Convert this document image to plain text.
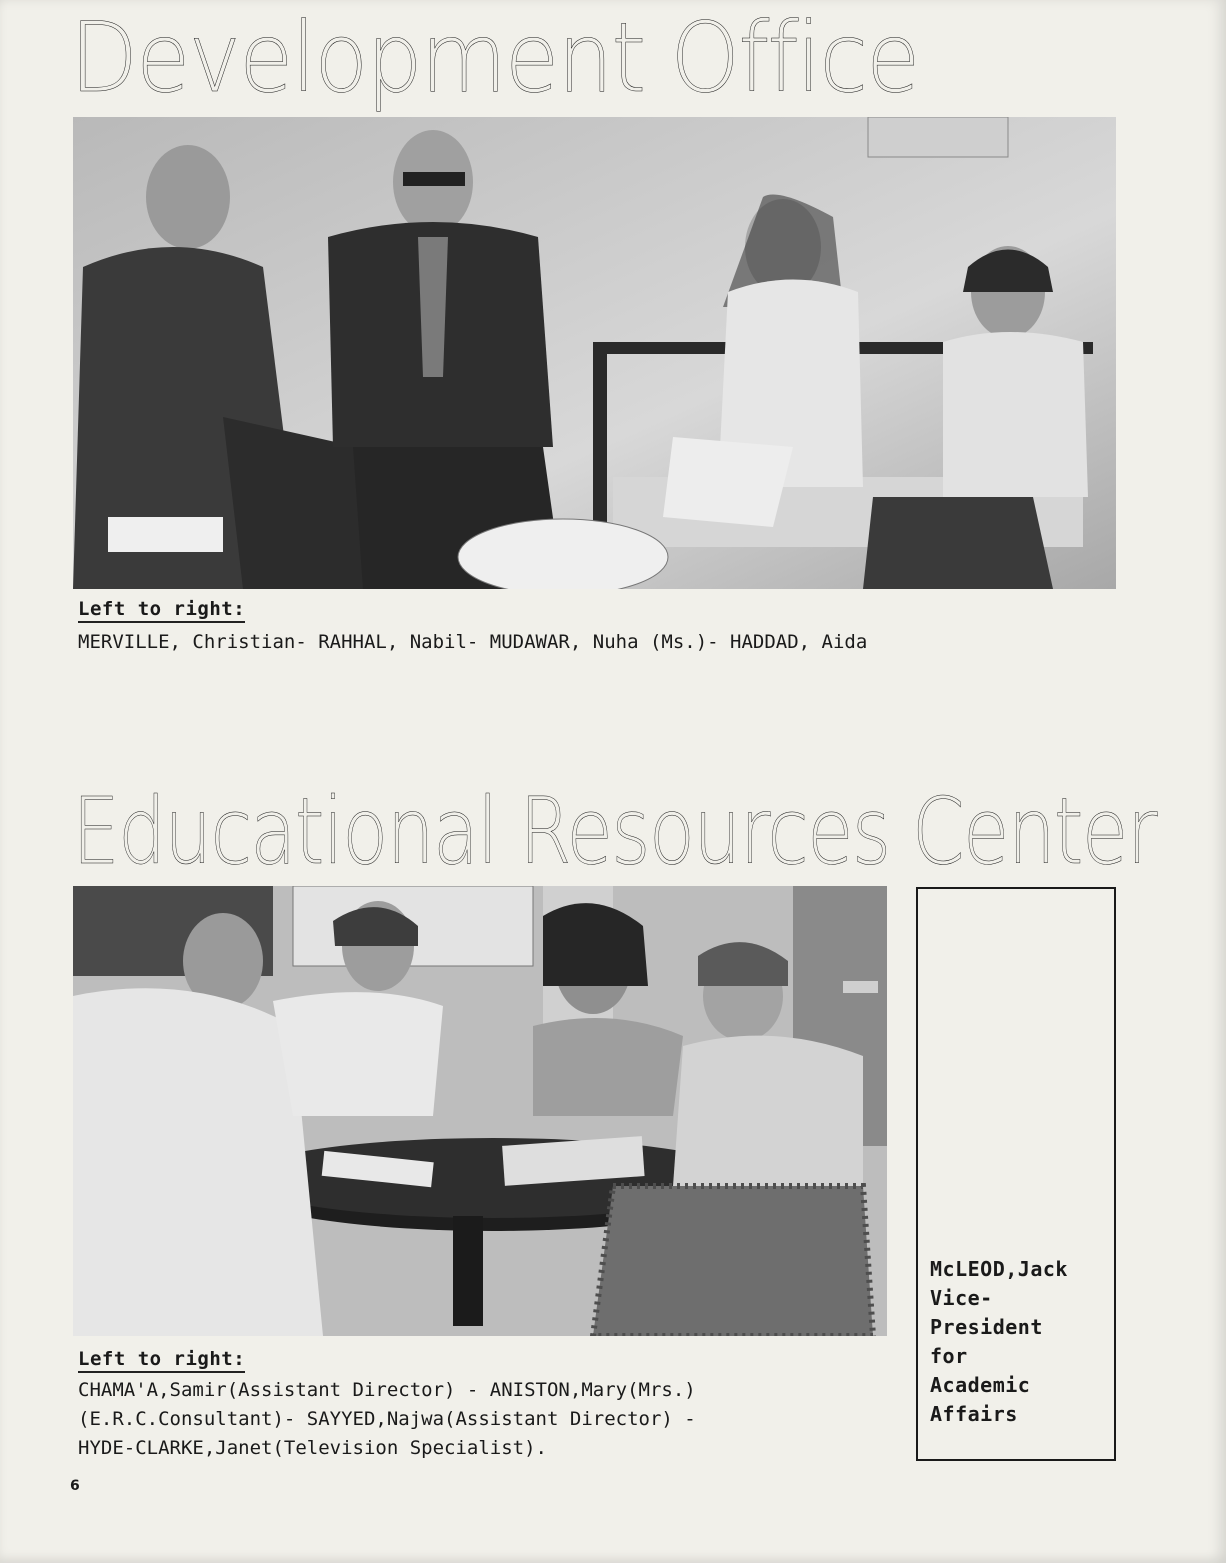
Development Office
Left to right:
MERVILLE, Christian- RAHHAL, Nabil- MUDAWAR, Nuha (Ms.)- HADDAD, Aida
Educational Resources Center
Left to right:
CHAMA'A,Samir(Assistant Director) - ANISTON,Mary(Mrs.)
(E.R.C.Consultant)- SAYYED,Najwa(Assistant Director) -
HYDE-CLARKE,Janet(Television Specialist).
McLEOD,Jack
Vice-
President
for
Academic
Affairs
6
